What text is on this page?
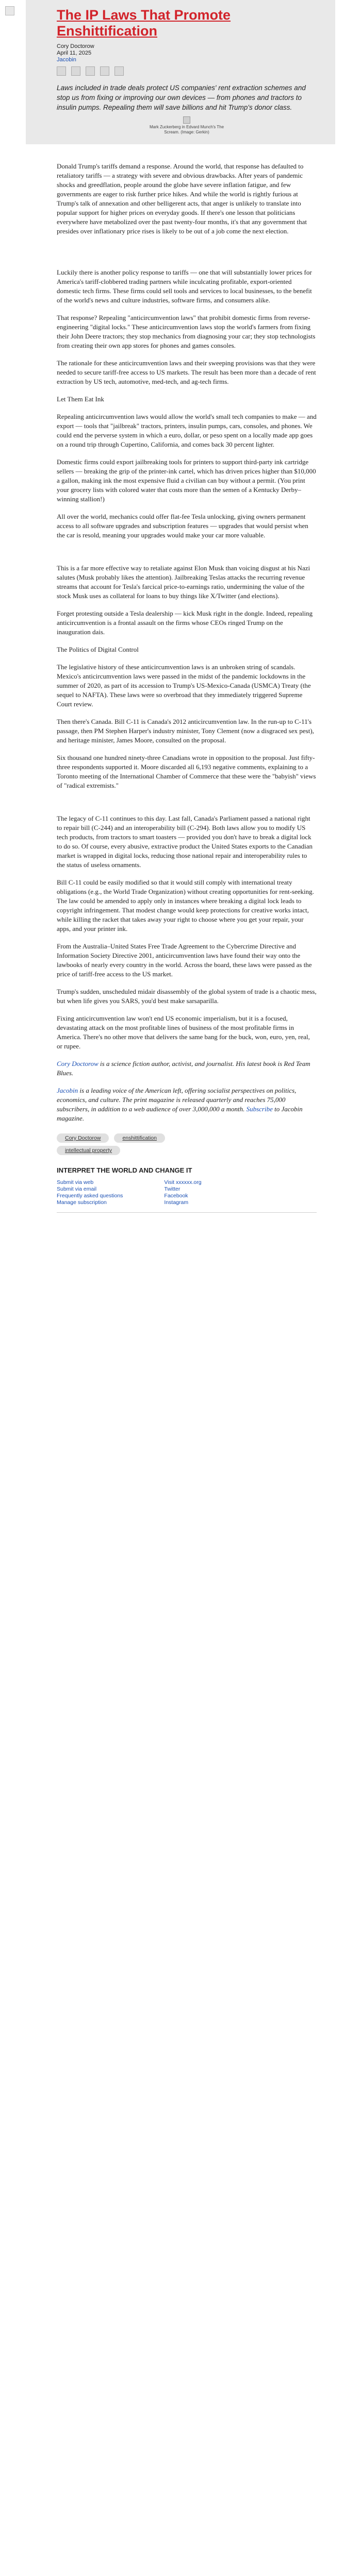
The IP Laws That Promote Enshittification
Cory Doctorow
April 11, 2025
Jacobin
Laws included in trade deals protect US companies' rent extraction schemes and stop us from fixing or improving our own devices — from phones and tractors to insulin pumps. Repealing them will save billions and hit Trump's donor class.
Mark Zuckerberg in Edvard Munch's The Scream. (Image: Gerkin)

Donald Trump's tariffs demand a response. Around the world, that response has defaulted to retaliatory tariffs — a strategy with severe and obvious drawbacks. After years of pandemic shocks and greedflation, people around the globe have severe inflation fatigue, and few governments are eager to risk further price hikes. And while the world is rightly furious at Trump's talk of annexation and other belligerent acts, that anger is unlikely to translate into popular support for higher prices on everyday goods. If there's one lesson that politicians everywhere have metabolized over the past twenty-four months, it's that any government that presides over inflationary price rises is likely to be out of a job come the next election.

Luckily there is another policy response to tariffs — one that will substantially lower prices for America's tariff-clobbered trading partners while inculcating profitable, export-oriented domestic tech firms. These firms could sell tools and services to local businesses, to the benefit of the world's news and culture industries, software firms, and consumers alike.

That response? Repealing "anticircumvention laws" that prohibit domestic firms from reverse-engineering "digital locks." These anticircumvention laws stop the world's farmers from fixing their John Deere tractors; they stop mechanics from diagnosing your car; they stop technologists from creating their own app stores for phones and games consoles.

The rationale for these anticircumvention laws and their sweeping provisions was that they were needed to secure tariff-free access to US markets. The result has been more than a decade of rent extraction by US tech, automotive, med-tech, and ag-tech firms.

Let Them Eat Ink

Repealing anticircumvention laws would allow the world's small tech companies to make — and export — tools that "jailbreak" tractors, printers, insulin pumps, cars, consoles, and phones. We could end the perverse system in which a euro, dollar, or peso spent on a locally made app goes on a round trip through Cupertino, California, and comes back 30 percent lighter.

Domestic firms could export jailbreaking tools for printers to support third-party ink cartridge sellers — breaking the grip of the printer-ink cartel, which has driven prices higher than $10,000 a gallon, making ink the most expensive fluid a civilian can buy without a permit. (You print your grocery lists with colored water that costs more than the semen of a Kentucky Derby–winning stallion!)

All over the world, mechanics could offer flat-fee Tesla unlocking, giving owners permanent access to all software upgrades and subscription features — upgrades that would persist when the car is resold, meaning your upgrades would make your car more valuable.

This is a far more effective way to retaliate against Elon Musk than voicing disgust at his Nazi salutes (Musk probably likes the attention). Jailbreaking Teslas attacks the recurring revenue streams that account for Tesla's farcical price-to-earnings ratio, undermining the value of the stock Musk uses as collateral for loans to buy things like X/Twitter (and elections).

Forget protesting outside a Tesla dealership — kick Musk right in the dongle. Indeed, repealing anticircumvention is a frontal assault on the firms whose CEOs ringed Trump on the inauguration dais.

The Politics of Digital Control

The legislative history of these anticircumvention laws is an unbroken string of scandals. Mexico's anticircumvention laws were passed in the midst of the pandemic lockdowns in the summer of 2020, as part of its accession to Trump's US-Mexico-Canada (USMCA) Treaty (the sequel to NAFTA). These laws were so overbroad that they immediately triggered Supreme Court review.

Then there's Canada. Bill C-11 is Canada's 2012 anticircumvention law. In the run-up to C-11's passage, then PM Stephen Harper's industry minister, Tony Clement (now a disgraced sex pest), and heritage minister, James Moore, consulted on the proposal.

Six thousand one hundred ninety-three Canadians wrote in opposition to the proposal. Just fifty-three respondents supported it. Moore discarded all 6,193 negative comments, explaining to a Toronto meeting of the International Chamber of Commerce that these were the "babyish" views of "radical extremists."

The legacy of C-11 continues to this day. Last fall, Canada's Parliament passed a national right to repair bill (C-244) and an interoperability bill (C-294). Both laws allow you to modify US tech products, from tractors to smart toasters — provided you don't have to break a digital lock to do so. Of course, every abusive, extractive product the United States exports to the Canadian market is wrapped in digital locks, reducing those national repair and interoperability rules to the status of useless ornaments.

Bill C-11 could be easily modified so that it would still comply with international treaty obligations (e.g., the World Trade Organization) without creating opportunities for rent-seeking. The law could be amended to apply only in instances where breaking a digital lock leads to copyright infringement. That modest change would keep protections for creative works intact, while killing the racket that takes away your right to choose where you get your repair, your apps, and your printer ink.

From the Australia–United States Free Trade Agreement to the Cybercrime Directive and Information Society Directive 2001, anticircumvention laws have found their way onto the lawbooks of nearly every country in the world. Across the board, these laws were passed as the price of tariff-free access to the US market.

Trump's sudden, unscheduled midair disassembly of the global system of trade is a chaotic mess, but when life gives you SARS, you'd best make sarsaparilla.

Fixing anticircumvention law won't end US economic imperialism, but it is a focused, devastating attack on the most profitable lines of business of the most profitable firms in America. There's no other move that delivers the same bang for the buck, won, euro, yen, real, or rupee.

Cory Doctorow is a science fiction author, activist, and journalist. His latest book is Red Team Blues.

Jacobin is a leading voice of the American left, offering socialist perspectives on politics, economics, and culture. The print magazine is released quarterly and reaches 75,000 subscribers, in addition to a web audience of over 3,000,000 a month. Subscribe to Jacobin magazine.

Cory Doctorow	enshittification
intellectual property
INTERPRET THE WORLD AND CHANGE IT
Submit via web
Submit via email
Frequently asked questions
Manage subscription
Visit xxxxxx.org
Twitter
Facebook
Instagram
